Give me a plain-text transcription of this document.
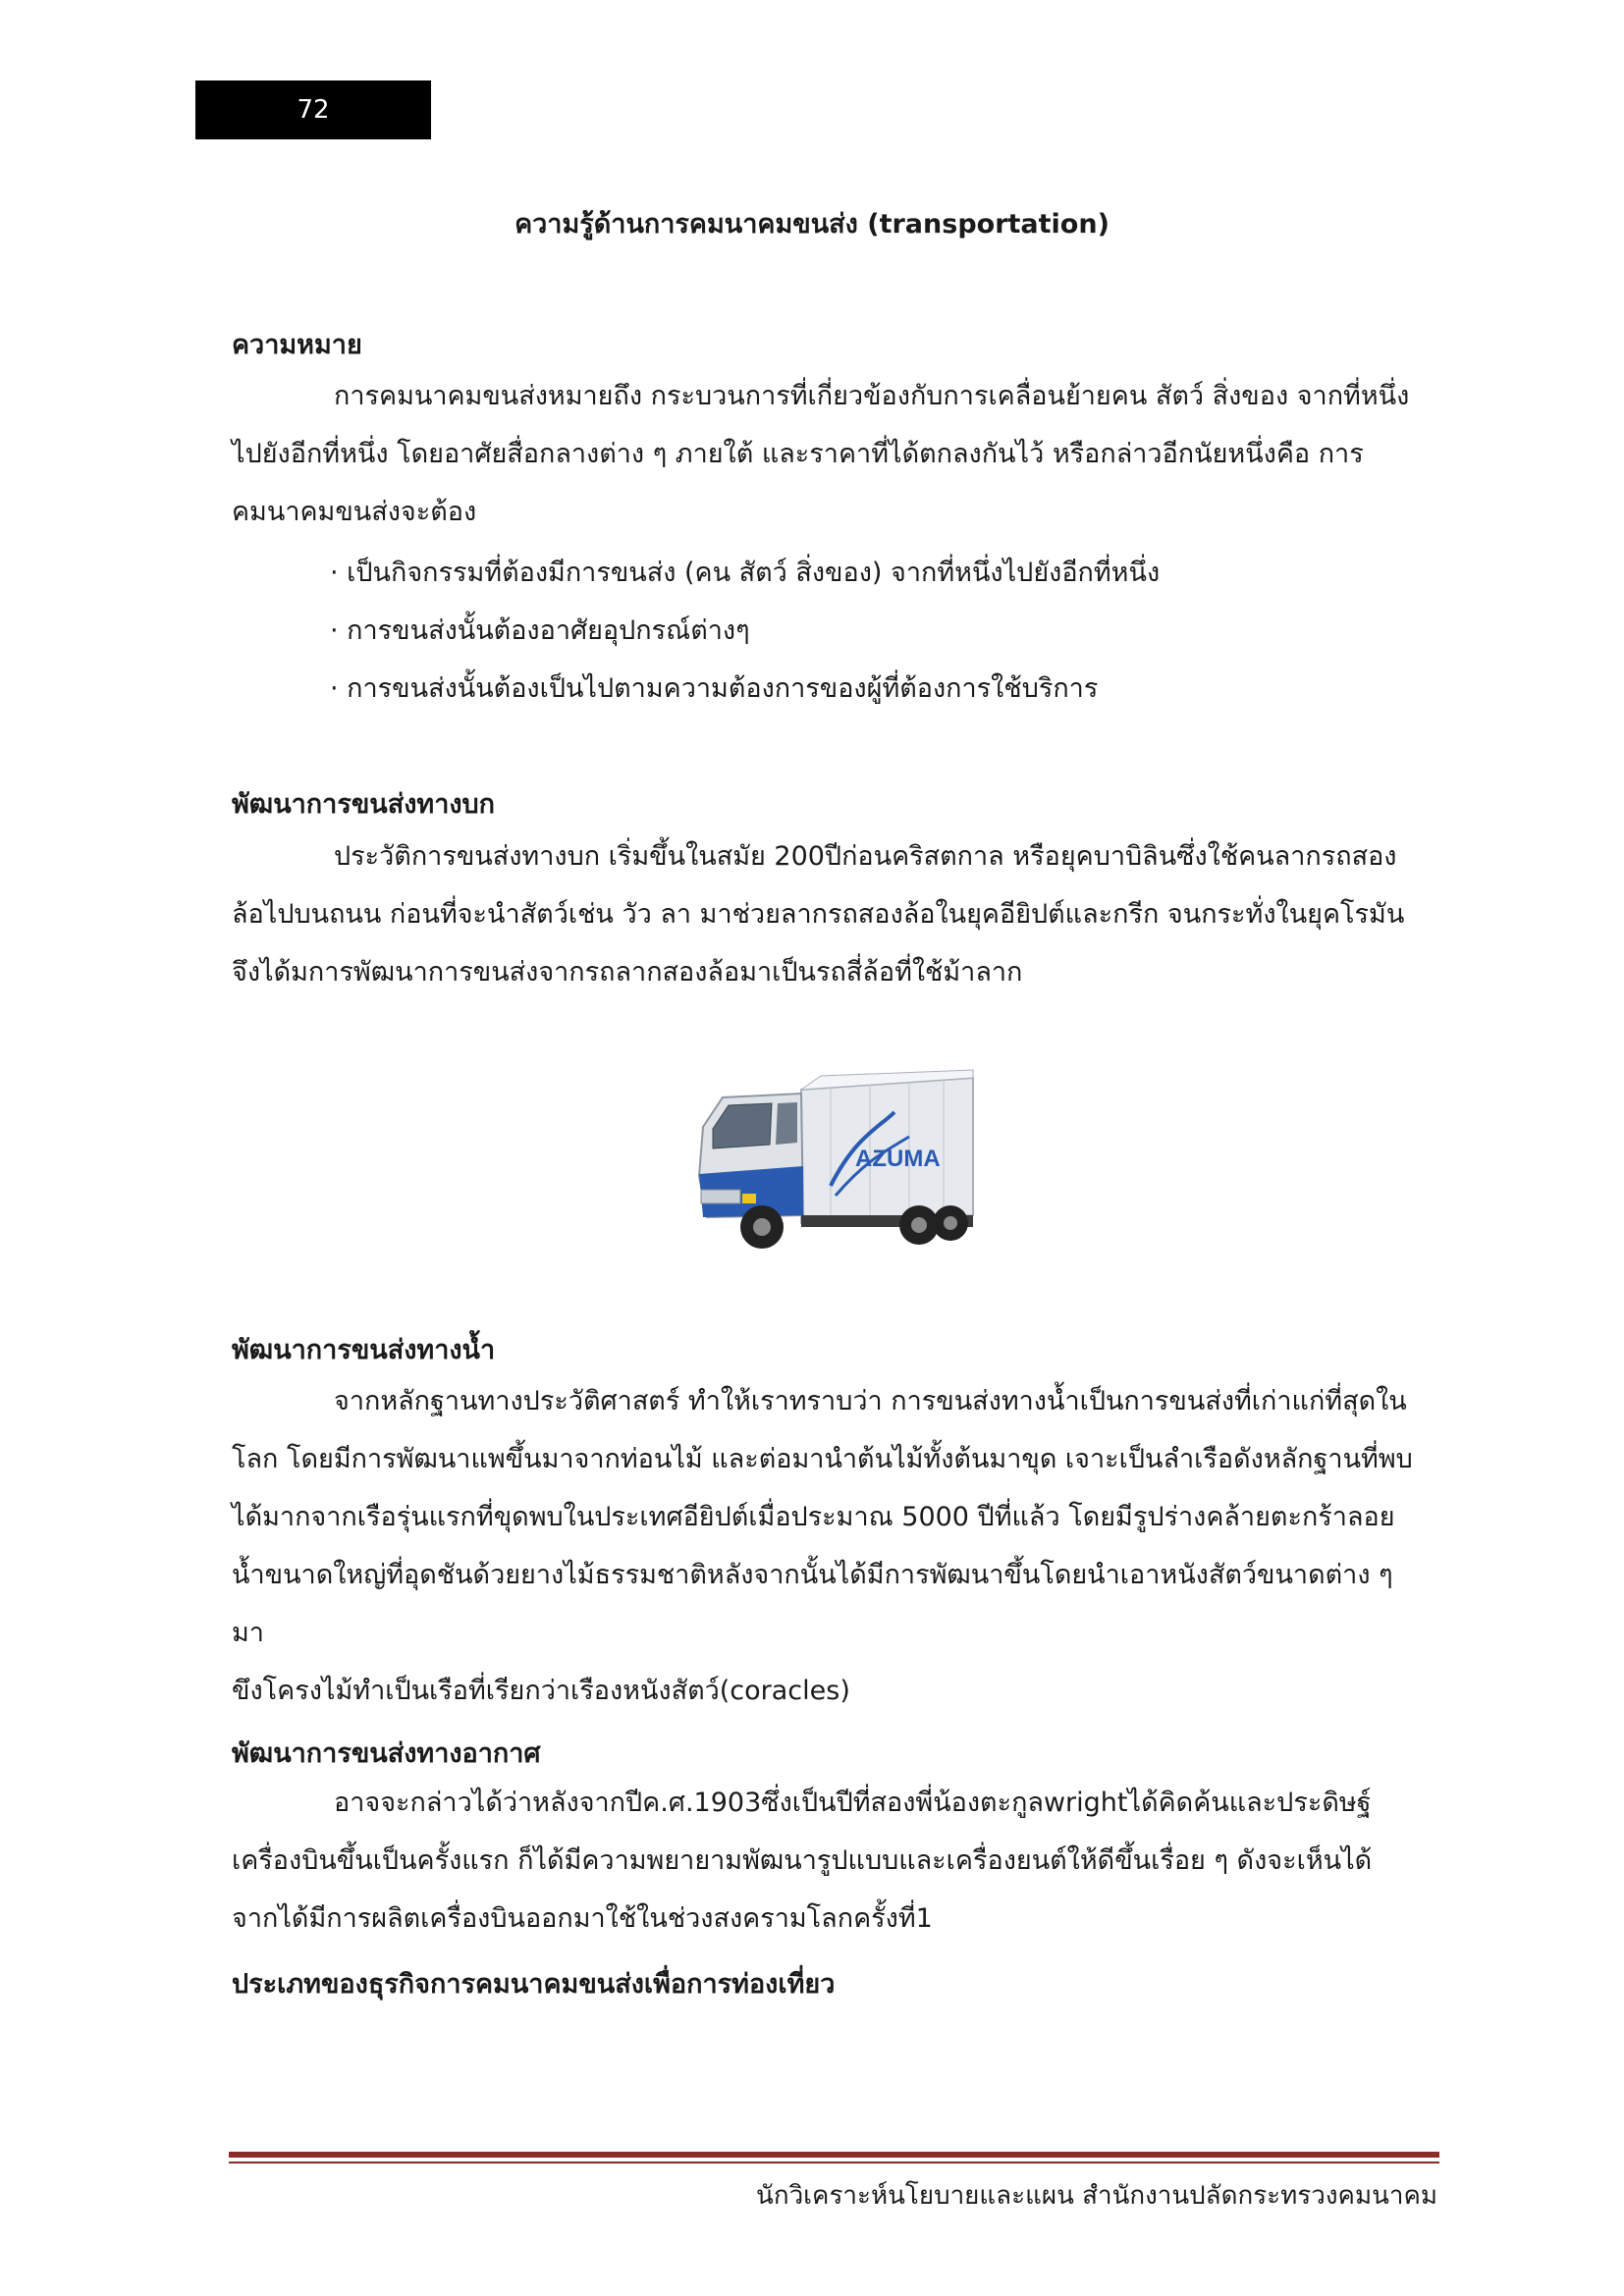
72
ความรู้ด้านการคมนาคมขนส่ง (transportation)
ความหมาย
การคมนาคมขนส่งหมายถึง กระบวนการที่เกี่ยวข้องกับการเคลื่อนย้ายคน สัตว์ สิ่งของ จากที่หนึ่ง
ไปยังอีกที่หนึ่ง โดยอาศัยสื่อกลางต่าง ๆ ภายใต้ และราคาที่ได้ตกลงกันไว้ หรือกล่าวอีกนัยหนึ่งคือ การ
คมนาคมขนส่งจะต้อง
· เป็นกิจกรรมที่ต้องมีการขนส่ง (คน สัตว์ สิ่งของ) จากที่หนึ่งไปยังอีกที่หนึ่ง
· การขนส่งนั้นต้องอาศัยอุปกรณ์ต่างๆ
· การขนส่งนั้นต้องเป็นไปตามความต้องการของผู้ที่ต้องการใช้บริการ
พัฒนาการขนส่งทางบก
ประวัติการขนส่งทางบก เริ่มขึ้นในสมัย 200ปีก่อนคริสตกาล หรือยุคบาบิลินซึ่งใช้คนลากรถสอง
ล้อไปบนถนน ก่อนที่จะนำสัตว์เช่น วัว ลา มาช่วยลากรถสองล้อในยุคอียิปต์และกรีก จนกระทั่งในยุคโรมัน
จึงได้มการพัฒนาการขนส่งจากรถลากสองล้อมาเป็นรถสี่ล้อที่ใช้ม้าลาก
AZUMA
พัฒนาการขนส่งทางน้ำ
จากหลักฐานทางประวัติศาสตร์ ทำให้เราทราบว่า การขนส่งทางน้ำเป็นการขนส่งที่เก่าแก่ที่สุดใน
โลก โดยมีการพัฒนาแพขึ้นมาจากท่อนไม้ และต่อมานำต้นไม้ทั้งต้นมาขุด เจาะเป็นลำเรือดังหลักฐานที่พบ
ได้มากจากเรือรุ่นแรกที่ขุดพบในประเทศอียิปต์เมื่อประมาณ 5000 ปีที่แล้ว โดยมีรูปร่างคล้ายตะกร้าลอย
น้ำขนาดใหญ่ที่อุดชันด้วยยางไม้ธรรมชาติหลังจากนั้นได้มีการพัฒนาขึ้นโดยนำเอาหนังสัตว์ขนาดต่าง ๆ มา
ขึงโครงไม้ทำเป็นเรือที่เรียกว่าเรืองหนังสัตว์(coracles)
พัฒนาการขนส่งทางอากาศ
อาจจะกล่าวได้ว่าหลังจากปีค.ศ.1903ซึ่งเป็นปีที่สองพี่น้องตะกูลwrightได้คิดค้นและประดิษฐ์
เครื่องบินขึ้นเป็นครั้งแรก ก็ได้มีความพยายามพัฒนารูปแบบและเครื่องยนต์ให้ดีขึ้นเรื่อย ๆ ดังจะเห็นได้
จากได้มีการผลิตเครื่องบินออกมาใช้ในช่วงสงครามโลกครั้งที่1
ประเภทของธุรกิจการคมนาคมขนส่งเพื่อการท่องเที่ยว
นักวิเคราะห์นโยบายและแผน สำนักงานปลัดกระทรวงคมนาคม
